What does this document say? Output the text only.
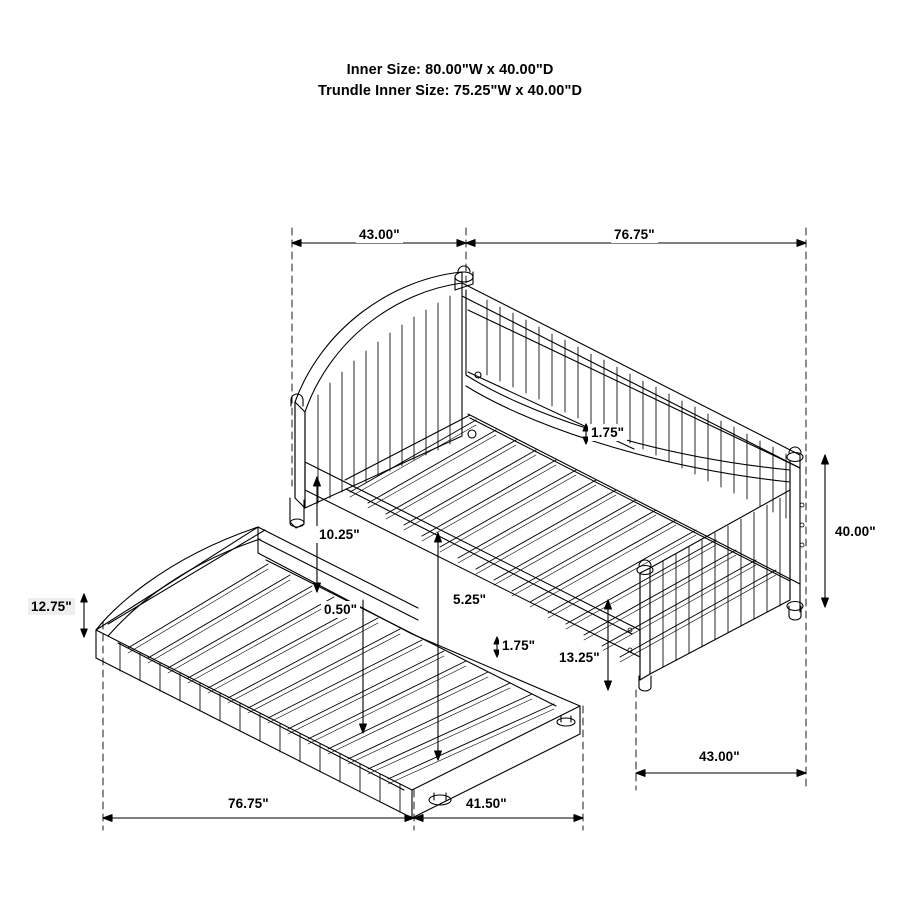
Inner Size: 80.00"W x 40.00"D
Trundle Inner Size: 75.25"W x 40.00"D
43.00"	76.75"
40.00"
1.75"
10.25"
0.50"
5.25"
1.75"
13.25"
12.75"
76.75"	41.50"
43.00"
